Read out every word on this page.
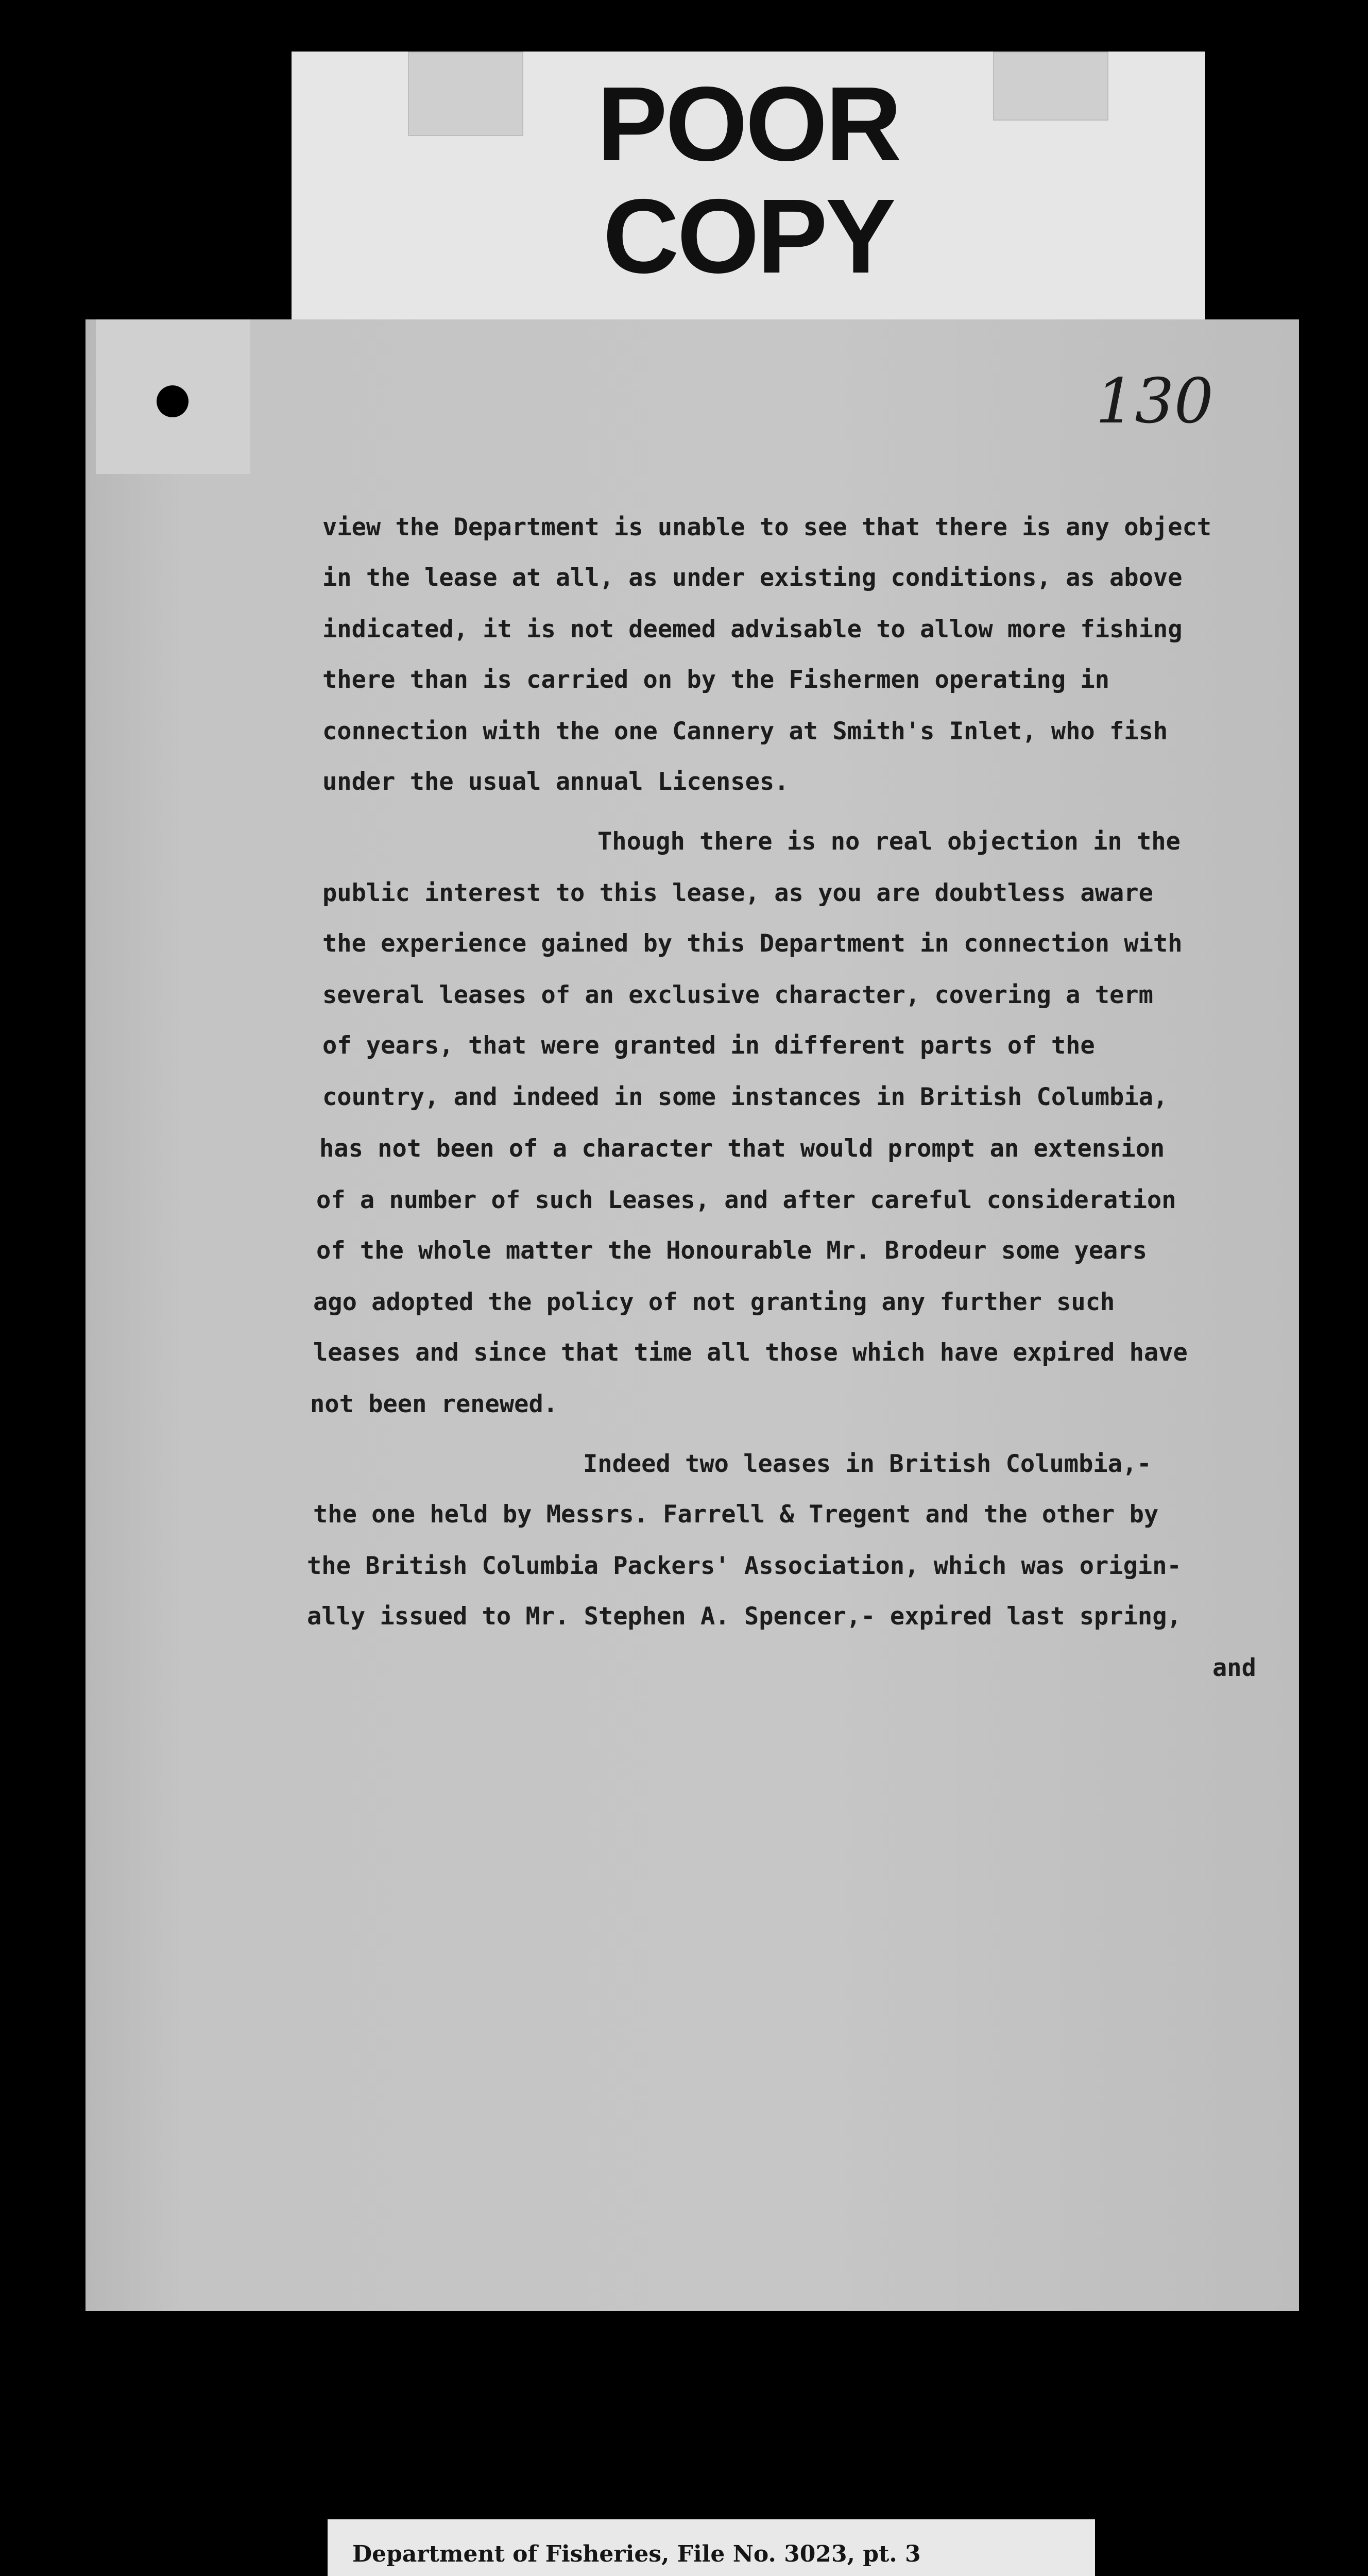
POOR
COPY
130
view the Department is unable to see that there is any object
in the lease at all, as under existing conditions, as above
indicated, it is not deemed advisable to allow more fishing
there than is carried on by the Fishermen operating in
connection with the one Cannery at Smith's Inlet, who fish
under the usual annual Licenses.
Though there is no real objection in the
public interest to this lease, as you are doubtless aware
the experience gained by this Department in connection with
several leases of an exclusive character, covering a term
of years, that were granted in different parts of the
country, and indeed in some instances in British Columbia,
has not been of a character that would prompt an extension
of a number of such Leases, and after careful consideration
of the whole matter the Honourable Mr. Brodeur some years
ago adopted the policy of not granting any further such
leases and since that time all those which have expired have
not been renewed.
Indeed two leases in British Columbia,-
the one held by Messrs. Farrell & Tregent and the other by
the British Columbia Packers' Association, which was origin-
ally issued to Mr. Stephen A. Spencer,- expired last spring,
and
Department of Fisheries, File No. 3023, pt. 3
